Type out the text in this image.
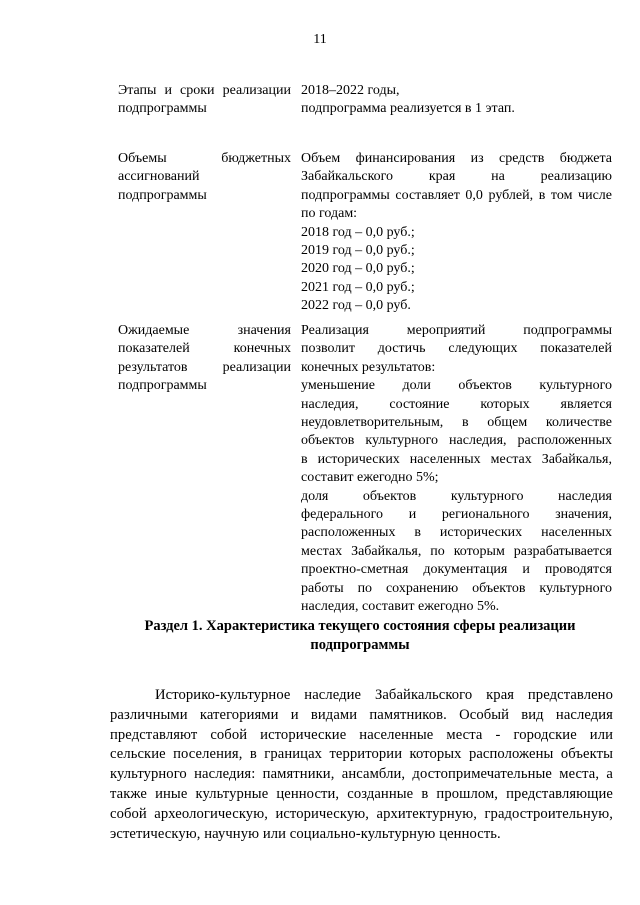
11
Этапы и сроки реализации
подпрограммы
2018–2022 годы,
подпрограмма реализуется в 1 этап.
Объемы бюджетных
ассигнований
подпрограммы
Объем финансирования из средств бюджета
Забайкальского края на реализацию
подпрограммы составляет 0,0 рублей, в том числе
по годам:
2018 год – 0,0 руб.;
2019 год – 0,0 руб.;
2020 год – 0,0 руб.;
2021 год – 0,0 руб.;
2022 год – 0,0 руб.
Ожидаемые значения
показателей конечных
результатов реализации
подпрограммы
Реализация мероприятий подпрограммы
позволит достичь следующих показателей
конечных результатов:
уменьшение доли объектов культурного
наследия, состояние которых является
неудовлетворительным, в общем количестве
объектов культурного наследия, расположенных
в исторических населенных местах Забайкалья,
составит ежегодно 5%;
доля объектов культурного наследия
федерального и регионального значения,
расположенных в исторических населенных
местах Забайкалья, по которым разрабатывается
проектно-сметная документация и проводятся
работы по сохранению объектов культурного
наследия, составит ежегодно 5%.
Раздел 1. Характеристика текущего состояния сферы реализации
подпрограммы
Историко-культурное наследие Забайкальского края представлено
различными категориями и видами памятников. Особый вид наследия
представляют собой исторические населенные места - городские или
сельские поселения, в границах территории которых расположены объекты
культурного наследия: памятники, ансамбли, достопримечательные места, а
также иные культурные ценности, созданные в прошлом, представляющие
собой археологическую, историческую, архитектурную, градостроительную,
эстетическую, научную или социально-культурную ценность.
